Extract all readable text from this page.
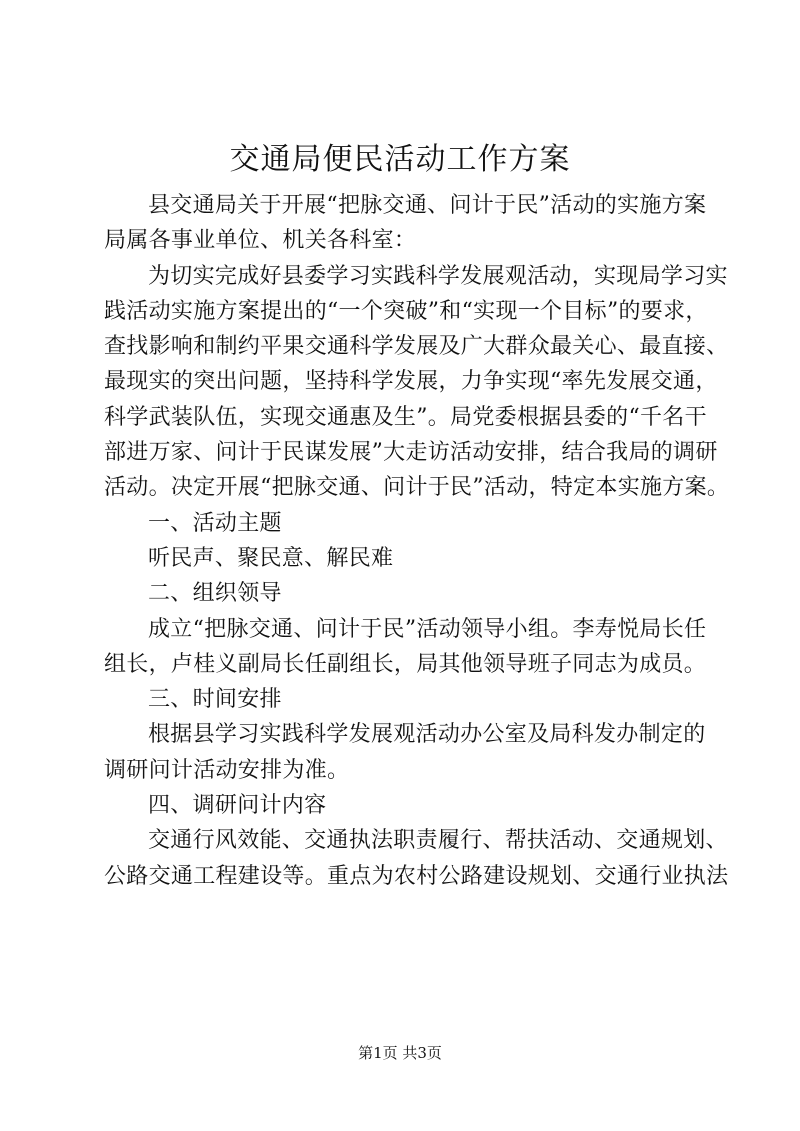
交通局便民活动工作方案

县交通局关于开展“把脉交通、问计于民”活动的实施方案

局属各事业单位、机关各科室：

为切实完成好县委学习实践科学发展观活动，实现局学习实

践活动实施方案提出的“一个突破”和“实现一个目标”的要求，

查找影响和制约平果交通科学发展及广大群众最关心、最直接、

最现实的突出问题，坚持科学发展，力争实现“率先发展交通，

科学武装队伍，实现交通惠及生”。局党委根据县委的“千名干

部进万家、问计于民谋发展”大走访活动安排，结合我局的调研

活动。决定开展“把脉交通、问计于民”活动，特定本实施方案。

一、活动主题

听民声、聚民意、解民难

二、组织领导

成立“把脉交通、问计于民”活动领导小组。李寿悦局长任

组长，卢桂义副局长任副组长，局其他领导班子同志为成员。

三、时间安排

根据县学习实践科学发展观活动办公室及局科发办制定的

调研问计活动安排为准。

四、调研问计内容

交通行风效能、交通执法职责履行、帮扶活动、交通规划、

公路交通工程建设等。重点为农村公路建设规划、交通行业执法

第1页 共3页
